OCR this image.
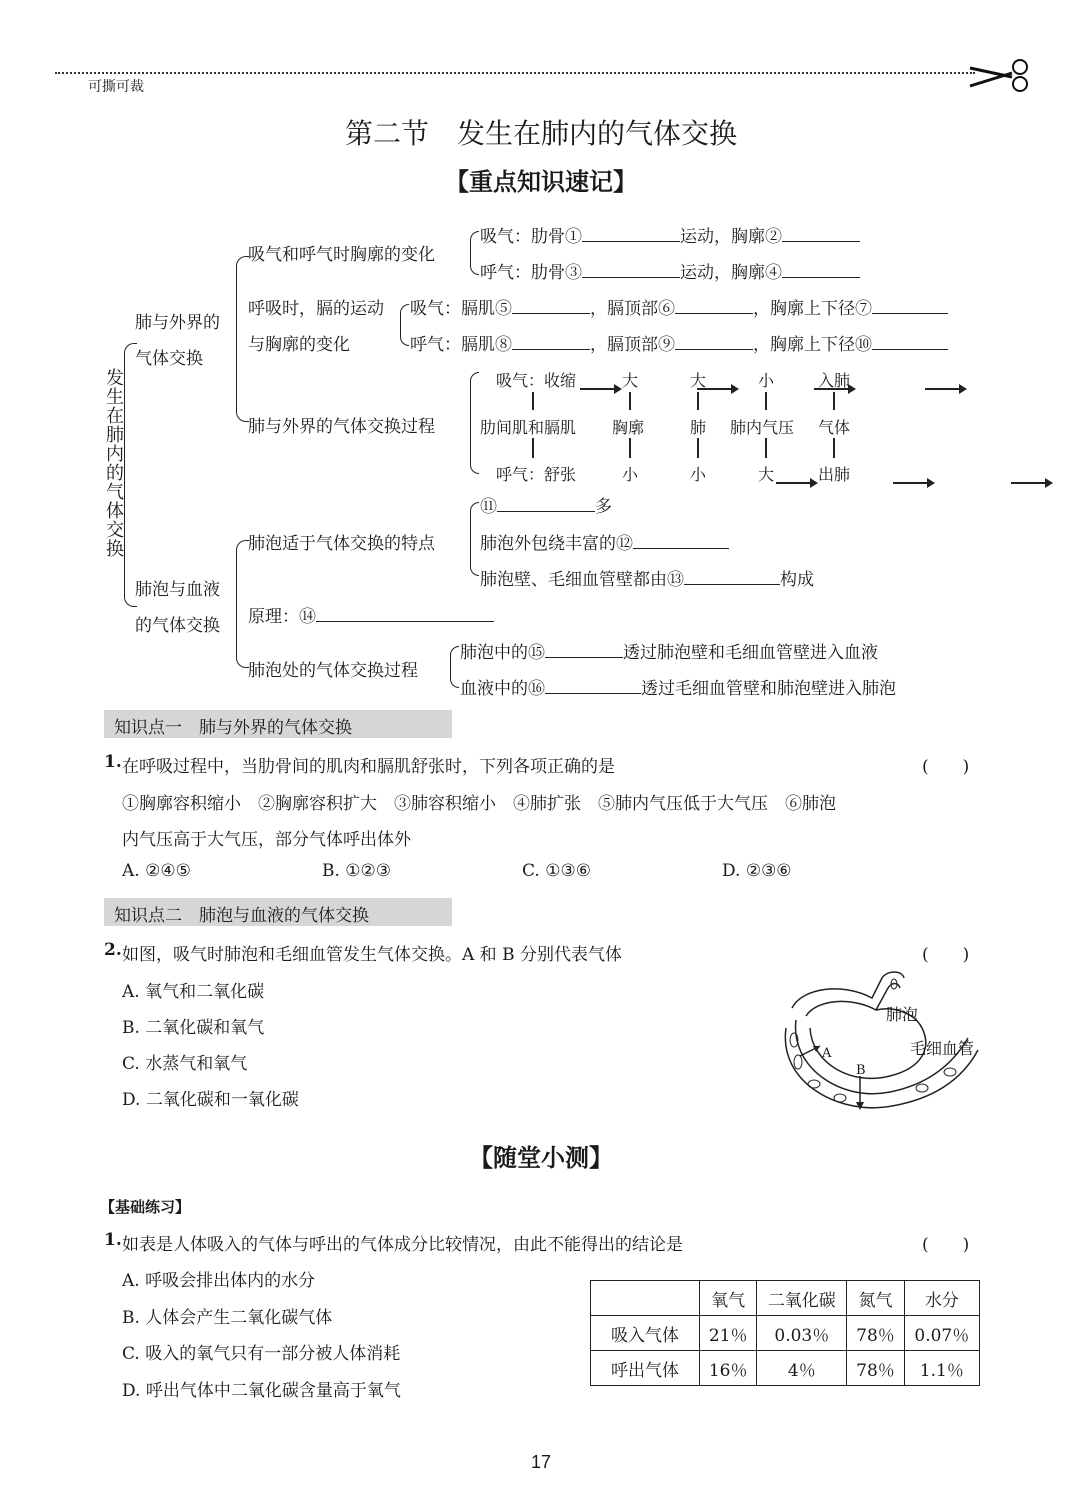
可撕可裁
第二节　发生在肺内的气体交换
【重点知识速记】
发生在肺内的气体交换
肺与外界的
气体交换
吸气和呼气时胸廓的变化
吸气：肋骨①	运动，胸廓②
呼气：肋骨③	运动，胸廓④
呼吸时，膈的运动
与胸廓的变化
吸气：膈肌⑤	，膈顶部⑥	，胸廓上下径⑦
呼气：膈肌⑧	，膈顶部⑨	，胸廓上下径⑩
肺与外界的气体交换过程
吸气：收缩
	大
	大
	小
	入肺
肋间肌和膈肌 胸廓	肺 肺内气压 气体
呼气：舒张
	小
	小
	大	出肺
肺泡与血液
的气体交换
肺泡适于气体交换的特点
⑪	多
肺泡外包绕丰富的⑫
肺泡壁、毛细血管壁都由⑬	构成
原理：⑭
肺泡处的气体交换过程
肺泡中的⑮	透过肺泡壁和毛细血管壁进入血液
血液中的⑯	透过毛细血管壁和肺泡壁进入肺泡
知识点一　肺与外界的气体交换
1. 在呼吸过程中，当肋骨间的肌肉和膈肌舒张时，下列各项正确的是	(　　)
①胸廓容积缩小　②胸廓容积扩大　③肺容积缩小　④肺扩张　⑤肺内气压低于大气压　⑥肺泡
内气压高于大气压，部分气体呼出体外
A. ②④⑤	B. ①②③	C. ①③⑥	D. ②③⑥
知识点二　肺泡与血液的气体交换
2. 如图，吸气时肺泡和毛细血管发生气体交换。A 和 B 分别代表气体	(　　)
A. 氧气和二氧化碳
B. 二氧化碳和氧气
C. 水蒸气和氧气
D. 二氧化碳和一氧化碳
肺泡
毛细血管
A
B
【随堂小测】
【基础练习】
1. 如表是人体吸入的气体与呼出的气体成分比较情况，由此不能得出的结论是	(　　)
A. 呼吸会排出体内的水分
B. 人体会产生二氧化碳气体
C. 吸入的氧气只有一部分被人体消耗
D. 呼出气体中二氧化碳含量高于氧气
	氧气	二氧化碳	氮气	水分
吸入气体	21％	0.03％	78％	0.07％
呼出气体	16％	4％	78％	1.1％
17
